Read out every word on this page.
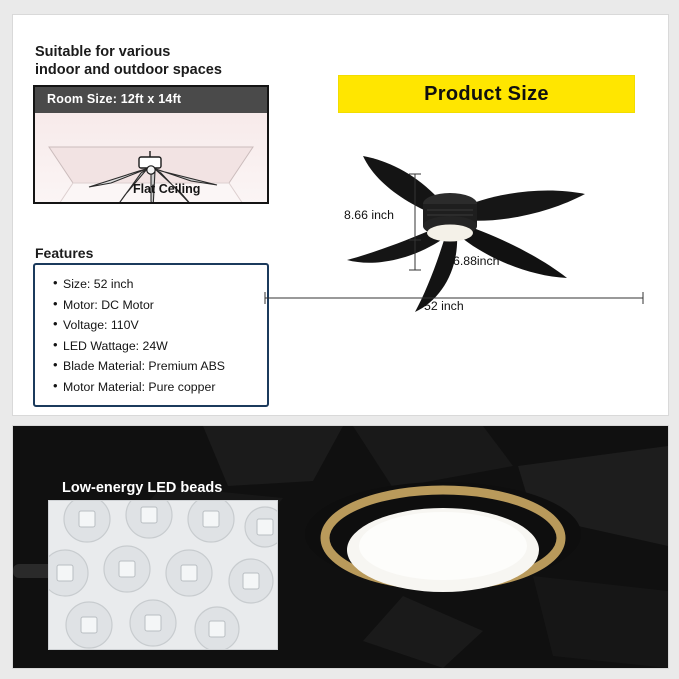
Suitable for various
indoor and outdoor spaces
Room Size: 12ft x 14ft
Flat Ceiling
Features
• Size: 52 inch
• Motor: DC Motor
• Voltage: 110V
• LED Wattage: 24W
• Blade Material: Premium ABS
• Motor Material: Pure copper
Product Size
8.66 inch
6.88inch
52 inch
Low-energy LED beads
